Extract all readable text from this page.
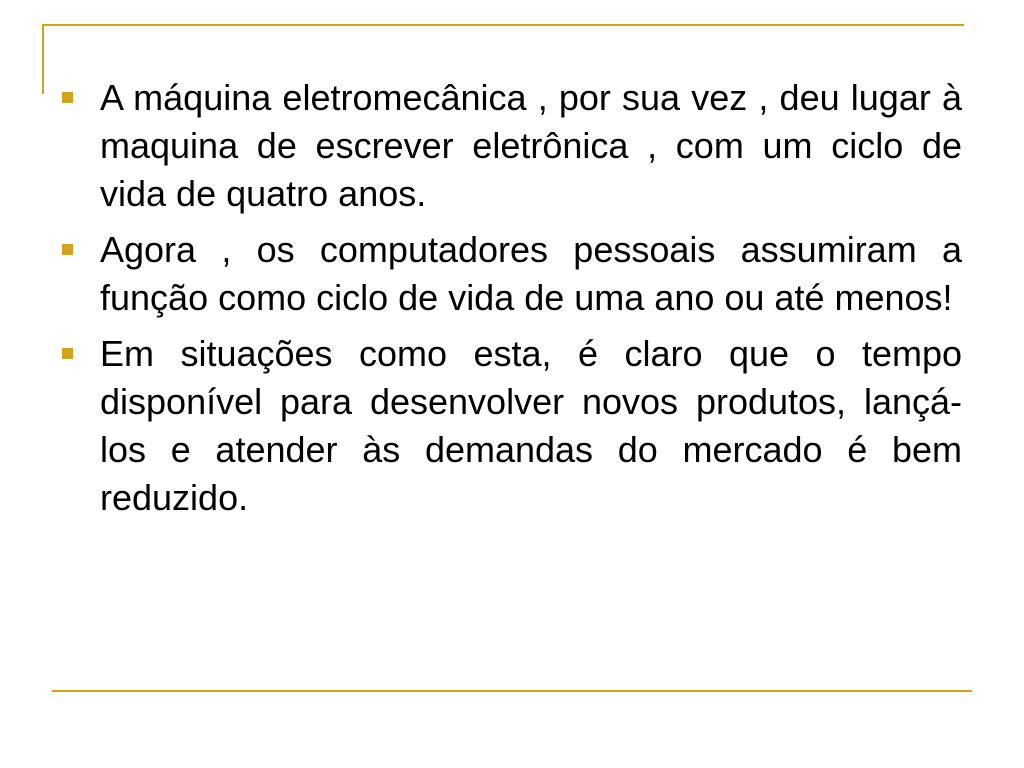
A máquina eletromecânica , por sua vez , deu lugar à maquina de escrever eletrônica , com um ciclo de vida de quatro anos.
Agora , os computadores pessoais assumiram a função como ciclo de vida de uma ano ou até menos!
Em situações como esta, é claro que o tempo disponível para desenvolver novos produtos, lançá-los e atender às demandas do mercado é bem reduzido.
